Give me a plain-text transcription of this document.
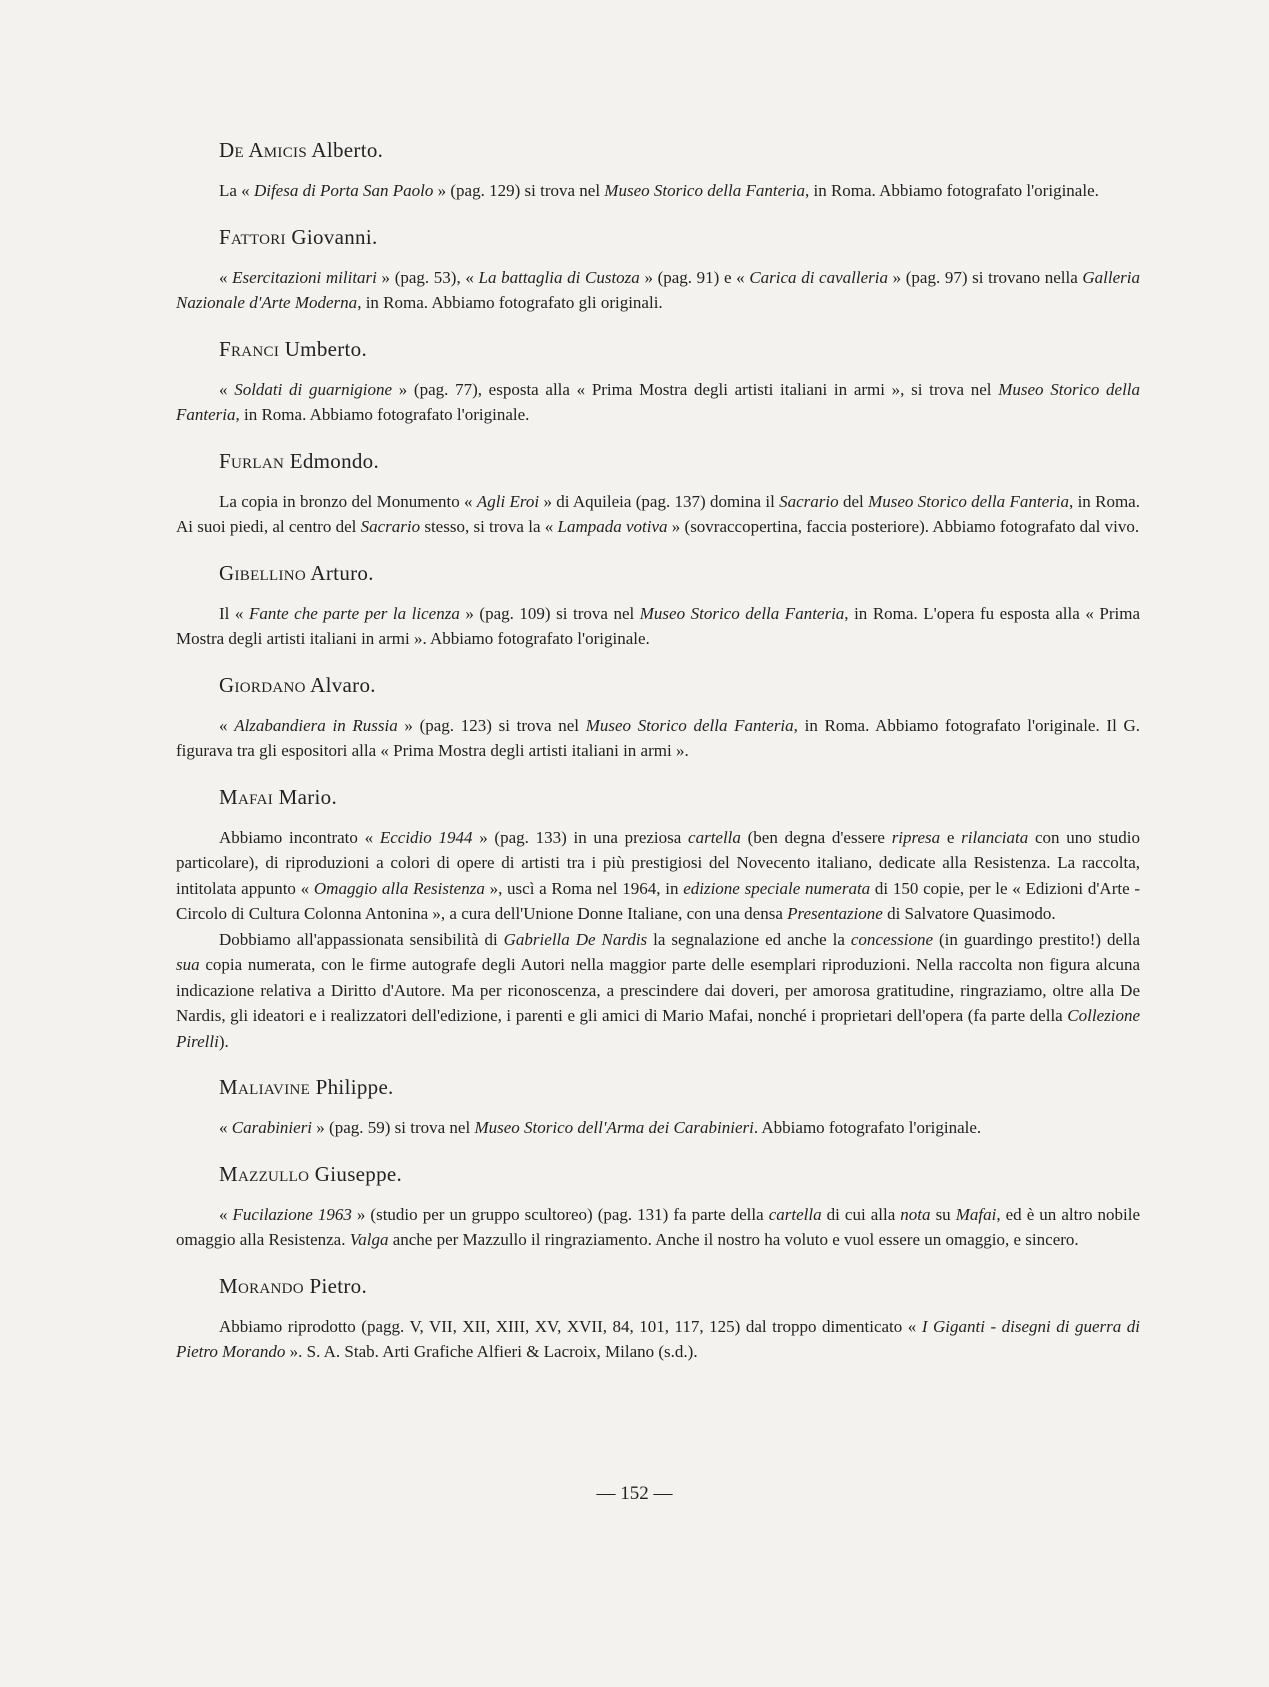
De Amicis Alberto.

La « Difesa di Porta San Paolo » (pag. 129) si trova nel Museo Storico della Fanteria, in Roma. Abbiamo fotografato l'originale.

Fattori Giovanni.

« Esercitazioni militari » (pag. 53), « La battaglia di Custoza » (pag. 91) e « Carica di cavalleria » (pag. 97) si trovano nella Galleria Nazionale d'Arte Moderna, in Roma. Abbiamo fotografato gli originali.

Franci Umberto.

« Soldati di guarnigione » (pag. 77), esposta alla « Prima Mostra degli artisti italiani in armi », si trova nel Museo Storico della Fanteria, in Roma. Abbiamo fotografato l'originale.

Furlan Edmondo.

La copia in bronzo del Monumento « Agli Eroi » di Aquileia (pag. 137) domina il Sacrario del Museo Storico della Fanteria, in Roma. Ai suoi piedi, al centro del Sacrario stesso, si trova la « Lampada votiva » (sovraccopertina, faccia posteriore). Abbiamo fotografato dal vivo.

Gibellino Arturo.

Il « Fante che parte per la licenza » (pag. 109) si trova nel Museo Storico della Fanteria, in Roma. L'opera fu esposta alla « Prima Mostra degli artisti italiani in armi ». Abbiamo fotografato l'originale.

Giordano Alvaro.

« Alzabandiera in Russia » (pag. 123) si trova nel Museo Storico della Fanteria, in Roma. Abbiamo fotografato l'originale. Il G. figurava tra gli espositori alla « Prima Mostra degli artisti italiani in armi ».

Mafai Mario.

Abbiamo incontrato « Eccidio 1944 » (pag. 133) in una preziosa cartella (ben degna d'essere ripresa e rilanciata con uno studio particolare), di riproduzioni a colori di opere di artisti tra i più prestigiosi del Novecento italiano, dedicate alla Resistenza. La raccolta, intitolata appunto « Omaggio alla Resistenza », uscì a Roma nel 1964, in edizione speciale numerata di 150 copie, per le « Edizioni d'Arte - Circolo di Cultura Colonna Antonina », a cura dell'Unione Donne Italiane, con una densa Presentazione di Salvatore Quasimodo.

Dobbiamo all'appassionata sensibilità di Gabriella De Nardis la segnalazione ed anche la concessione (in guardingo prestito!) della sua copia numerata, con le firme autografe degli Autori nella maggior parte delle esemplari riproduzioni. Nella raccolta non figura alcuna indicazione relativa a Diritto d'Autore. Ma per riconoscenza, a prescindere dai doveri, per amorosa gratitudine, ringraziamo, oltre alla De Nardis, gli ideatori e i realizzatori dell'edizione, i parenti e gli amici di Mario Mafai, nonché i proprietari dell'opera (fa parte della Collezione Pirelli).

Maliavine Philippe.

« Carabinieri » (pag. 59) si trova nel Museo Storico dell'Arma dei Carabinieri. Abbiamo fotografato l'originale.

Mazzullo Giuseppe.

« Fucilazione 1963 » (studio per un gruppo scultoreo) (pag. 131) fa parte della cartella di cui alla nota su Mafai, ed è un altro nobile omaggio alla Resistenza. Valga anche per Mazzullo il ringraziamento. Anche il nostro ha voluto e vuol essere un omaggio, e sincero.

Morando Pietro.

Abbiamo riprodotto (pagg. V, VII, XII, XIII, XV, XVII, 84, 101, 117, 125) dal troppo dimenticato « I Giganti - disegni di guerra di Pietro Morando ». S. A. Stab. Arti Grafiche Alfieri & Lacroix, Milano (s.d.).

— 152 —
